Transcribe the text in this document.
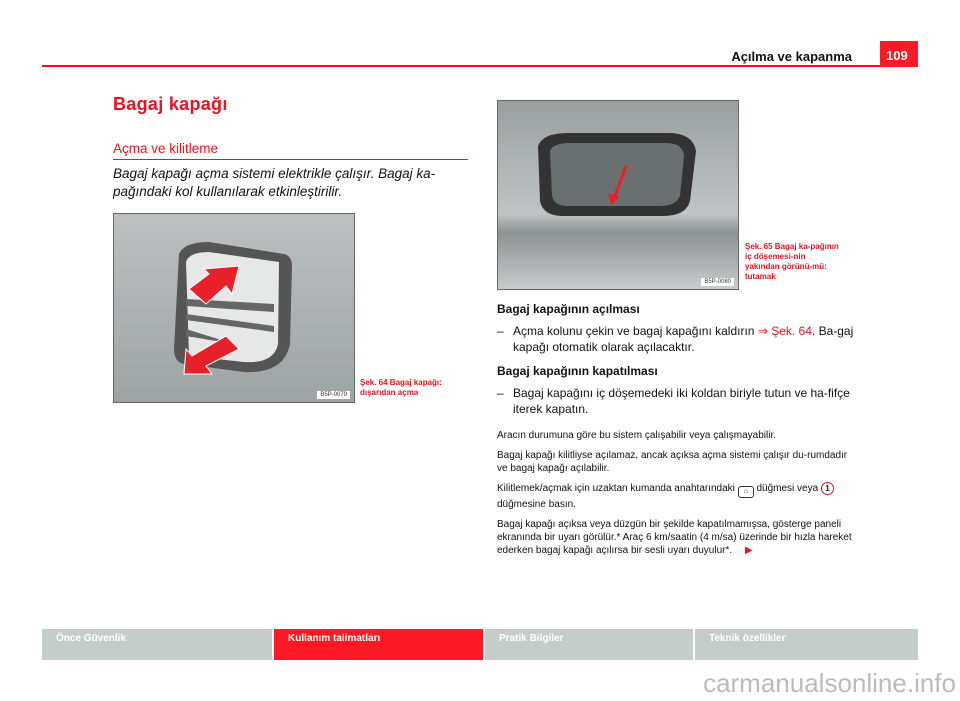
Açılma ve kapanma	109
Bagaj kapağı
Açma ve kilitleme
Bagaj kapağı açma sistemi elektrikle çalışır. Bagaj ka-pağındaki kol kullanılarak etkinleştirilir.
B5P-0079
Şek. 64 Bagaj kapağı: dışarıdan açma
B5P-0080
Şek. 65 Bagaj ka-pağının iç döşemesi-nin yakından görünü-mü: tutamak
Bagaj kapağının açılması
– Açma kolunu çekin ve bagaj kapağını kaldırın ⇒ Şek. 64. Ba-gaj kapağı otomatik olarak açılacaktır.
Bagaj kapağının kapatılması
– Bagaj kapağını iç döşemedeki iki koldan biriyle tutun ve ha-fifçe iterek kapatın.

Aracın durumuna göre bu sistem çalışabilir veya çalışmayabilir.

Bagaj kapağı kilitliyse açılamaz, ancak açıksa açma sistemi çalışır du-rumdadır ve bagaj kapağı açılabilir.

Kilitlemek/açmak için uzaktan kumanda anahtarındaki ⌂ düğmesi veya 1 düğmesine basın.

Bagaj kapağı açıksa veya düzgün bir şekilde kapatılmamışsa, gösterge paneli ekranında bir uyarı görülür.* Araç 6 km/saatin (4 m/sa) üzerinde bir hızla hareket ederken bagaj kapağı açılırsa bir sesli uyarı duyulur*. ▶

Önce Güvenlik	Kullanım talimatları	Pratik Bilgiler	Teknik özellikler
carmanualsonline.info
